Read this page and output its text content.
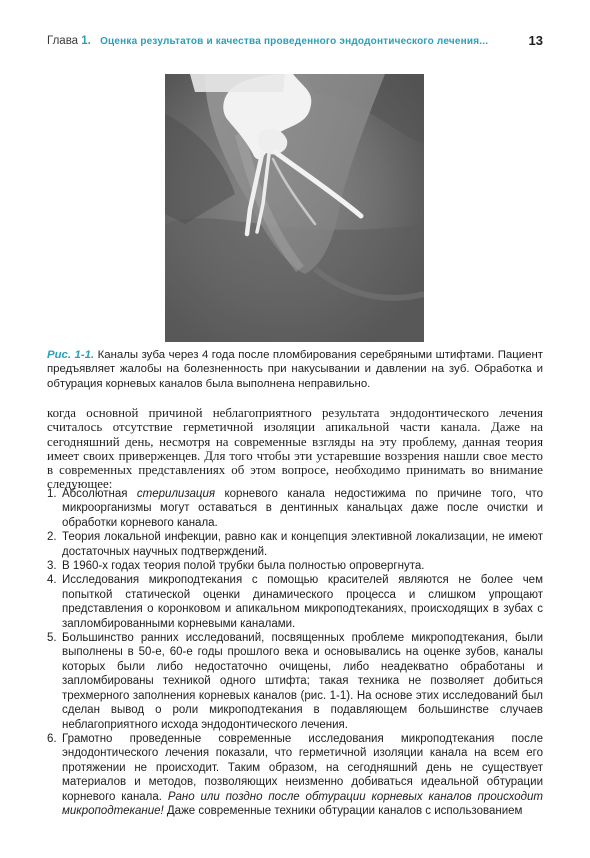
Глава 1. Оценка результатов и качества проведенного эндодонтического лечения...	13
Рис. 1-1. Каналы зуба через 4 года после пломбирования серебряными штифтами. Пациент предъявляет жалобы на болезненность при накусывании и давлении на зуб. Обработка и обтурация корневых каналов была выполнена неправильно.

когда основной причиной неблагоприятного результата эндодонтического лечения считалось отсутствие герметичной изоляции апикальной части канала. Даже на сегодняшний день, несмотря на современные взгляды на эту проблему, данная теория имеет своих приверженцев. Для того чтобы эти устаревшие воззрения нашли свое место в современных представлениях об этом вопросе, необходимо принимать во внимание следующее:

1. Абсолютная стерилизация корневого канала недостижима по причине того, что микроорганизмы могут оставаться в дентинных канальцах даже после очистки и обработки корневого канала.
2. Теория локальной инфекции, равно как и концепция элективной локализации, не имеют достаточных научных подтверждений.
3. В 1960-х годах теория полой трубки была полностью опровергнута.
4. Исследования микроподтекания с помощью красителей являются не более чем попыткой статической оценки динамического процесса и слишком упрощают представления о коронковом и апикальном микроподтеканиях, происходящих в зубах с запломбированными корневыми каналами.
5. Большинство ранних исследований, посвященных проблеме микроподтекания, были выполнены в 50-е, 60-е годы прошлого века и основывались на оценке зубов, каналы которых были либо недостаточно очищены, либо неадекватно обработаны и запломбированы техникой одного штифта; такая техника не позволяет добиться трехмерного заполнения корневых каналов (рис. 1-1). На основе этих исследований был сделан вывод о роли микроподтекания в подавляющем большинстве случаев неблагоприятного исхода эндодонтического лечения.
6. Грамотно проведенные современные исследования микроподтекания после эндодонтического лечения показали, что герметичной изоляции канала на всем его протяжении не происходит. Таким образом, на сегодняшний день не существует материалов и методов, позволяющих неизменно добиваться идеальной обтурации корневого канала. Рано или поздно после обтурации корневых каналов происходит микроподтекание! Даже современные техники обтурации каналов с использованием
